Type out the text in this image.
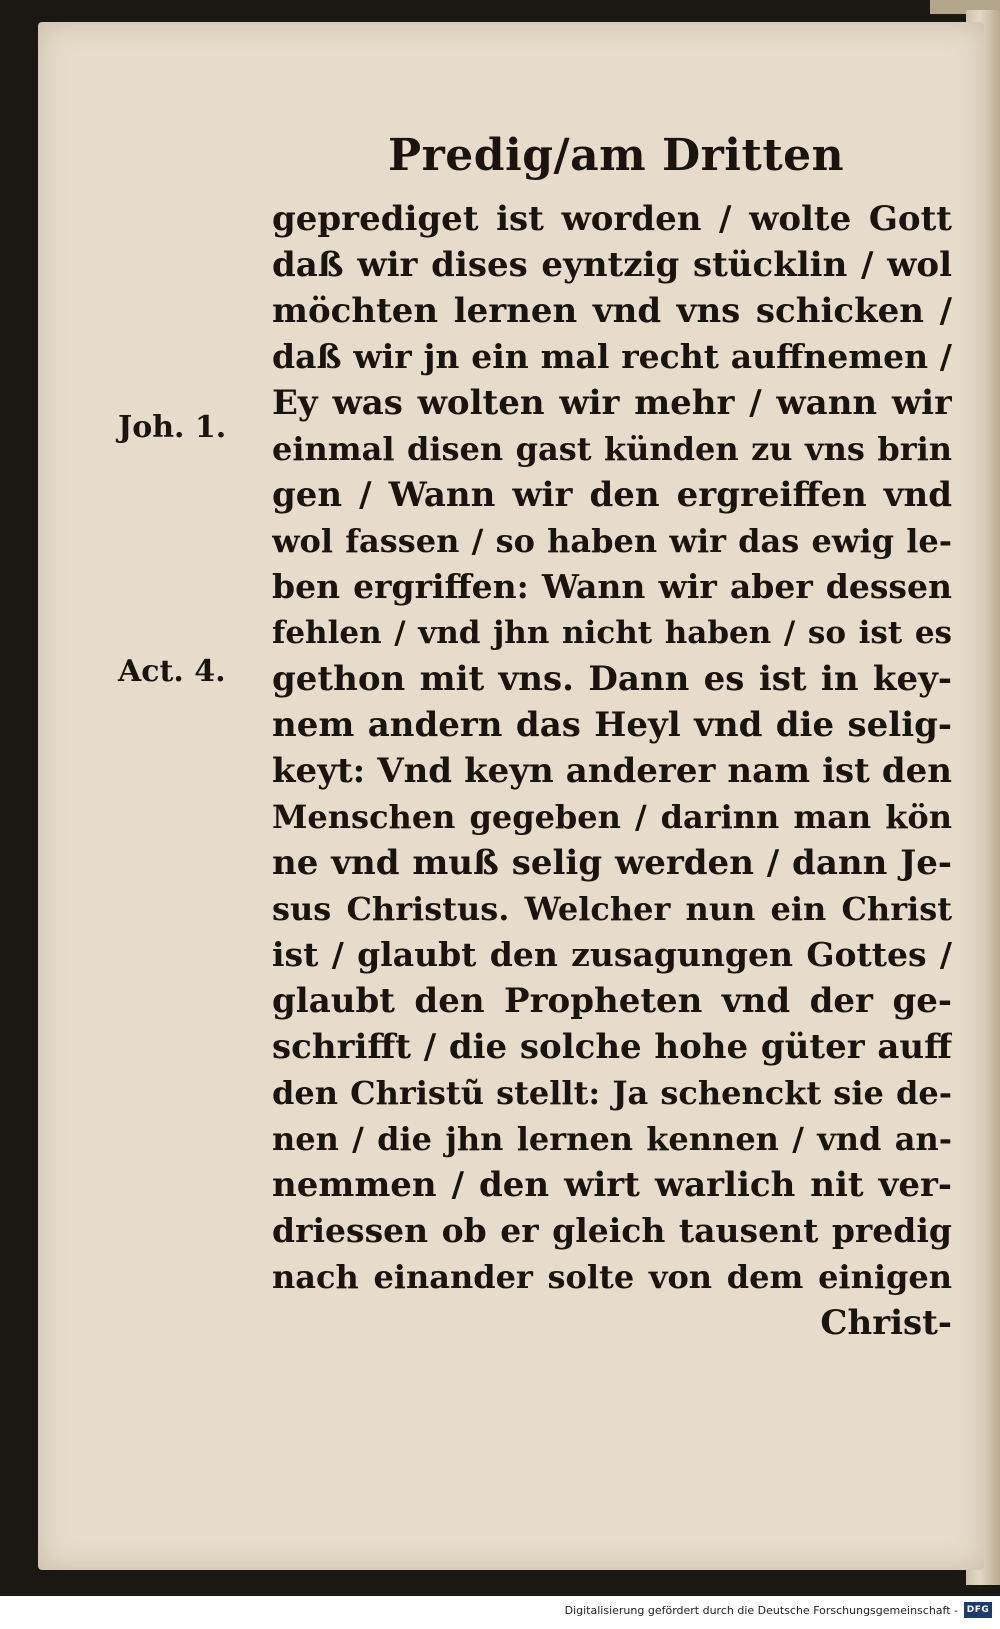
Predig/am Dritten
Joh. 1.
Act. 4.
geprediget ist worden / wolte Gott
daß wir dises eyntzig stücklin / wol
möchten lernen vnd vns schicken /
daß wir jn ein mal recht auffnemen /
Ey was wolten wir mehr / wann wir
einmal disen gast künden zu vns brin
gen / Wann wir den ergreiffen vnd
wol fassen / so haben wir das ewig le-
ben ergriffen: Wann wir aber dessen
fehlen / vnd jhn nicht haben / so ist es
gethon mit vns. Dann es ist in key-
nem andern das Heyl vnd die selig-
keyt: Vnd keyn anderer nam ist den
Menschen gegeben / darinn man kön
ne vnd muß selig werden / dann Je-
sus Christus. Welcher nun ein Christ
ist / glaubt den zusagungen Gottes /
glaubt den Propheten vnd der ge-
schrifft / die solche hohe güter auff
den Christũ stellt: Ja schenckt sie de-
nen / die jhn lernen kennen / vnd an-
nemmen / den wirt warlich nit ver-
driessen ob er gleich tausent predig
nach einander solte von dem einigen
Christ-
Digitalisierung gefördert durch die Deutsche Forschungsgemeinschaft - DFG
